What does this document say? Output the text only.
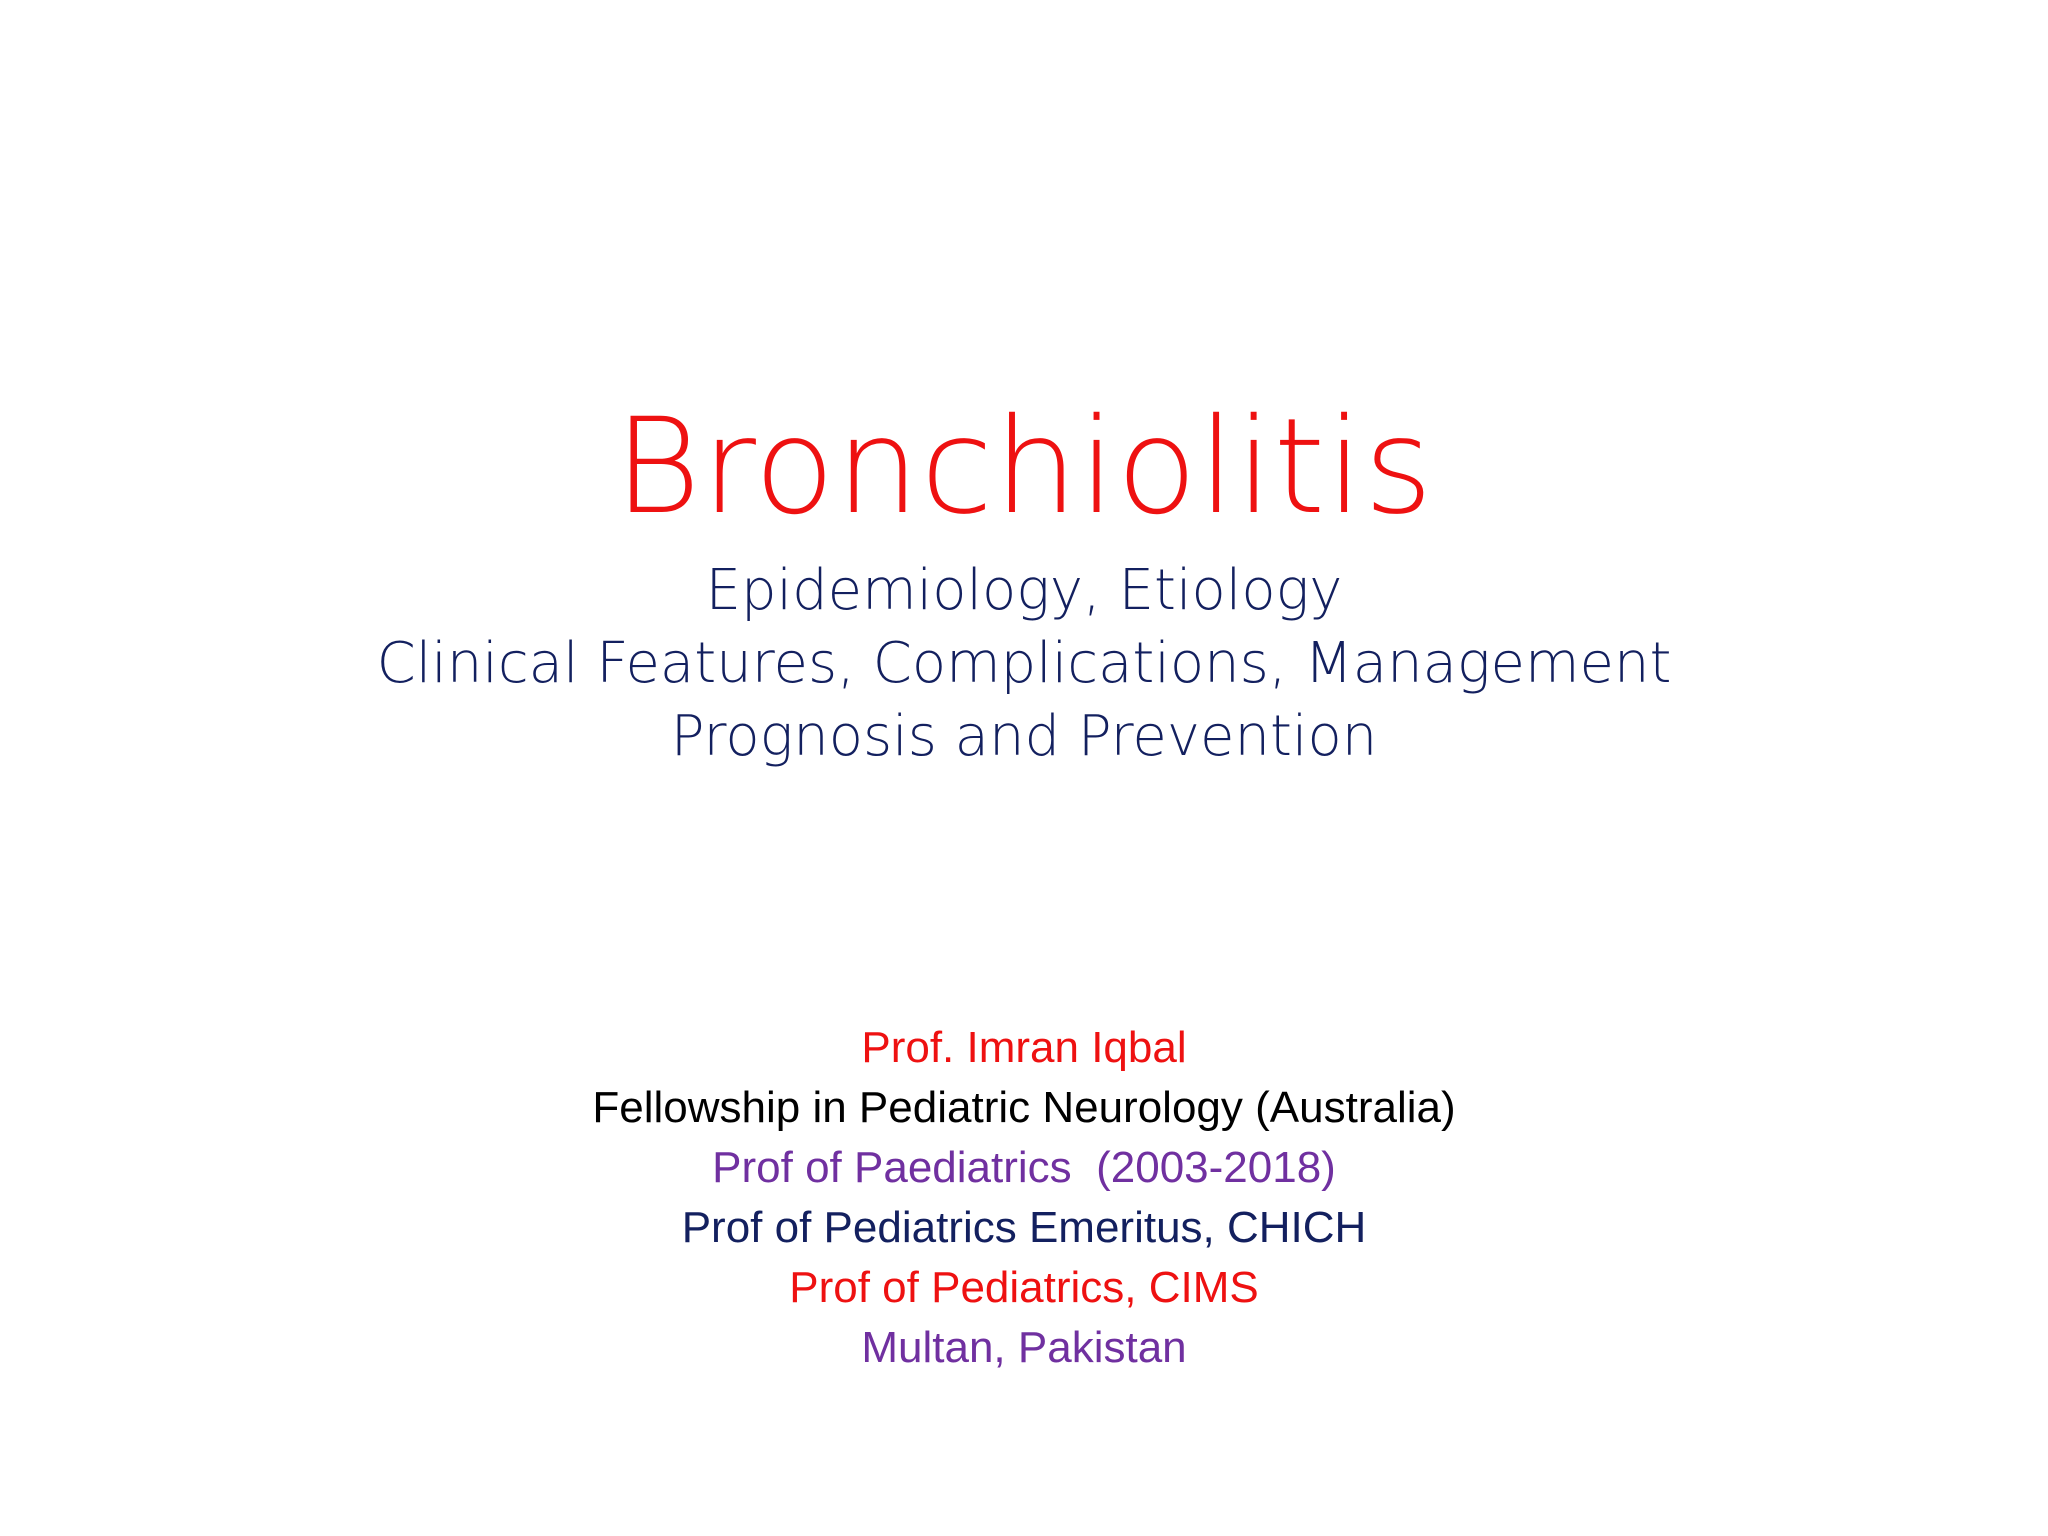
Bronchiolitis
Epidemiology, Etiology
Clinical Features, Complications, Management
Prognosis and Prevention
Prof. Imran Iqbal
Fellowship in Pediatric Neurology (Australia)
Prof of Paediatrics  (2003-2018)
Prof of Pediatrics Emeritus, CHICH
Prof of Pediatrics, CIMS
Multan, Pakistan
